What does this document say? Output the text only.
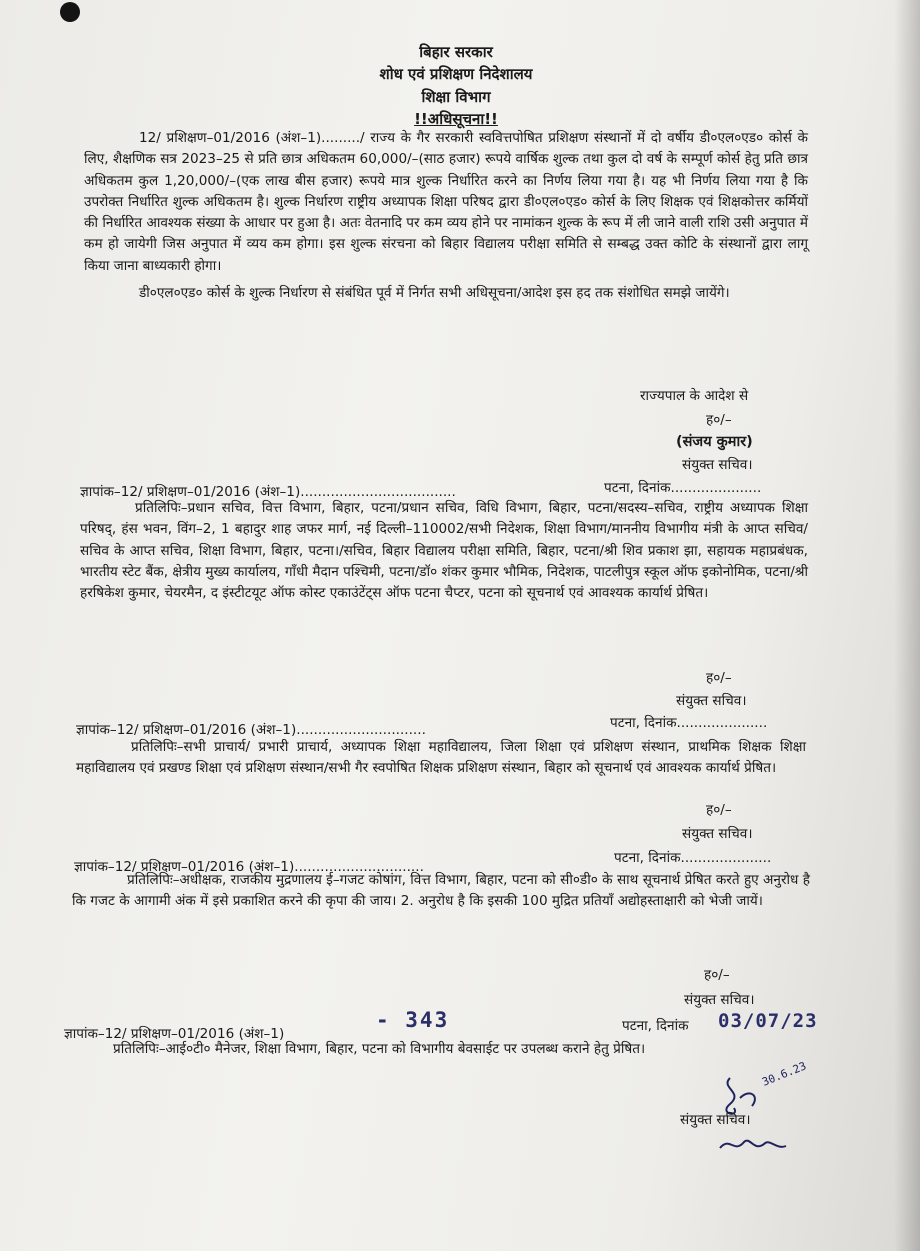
बिहार सरकार
शोध एवं प्रशिक्षण निदेशालय
शिक्षा विभाग
!!अधिसूचना!!

12/ प्रशिक्षण–01/2016 (अंश–1)........./ राज्य के गैर सरकारी स्ववित्तपोषित प्रशिक्षण संस्थानों में दो वर्षीय डी०एल०एड० कोर्स के लिए, शैक्षणिक सत्र 2023–25 से प्रति छात्र अधिकतम 60,000/–(साठ हजार) रूपये वार्षिक शुल्क तथा कुल दो वर्ष के सम्पूर्ण कोर्स हेतु प्रति छात्र अधिकतम कुल 1,20,000/–(एक लाख बीस हजार) रूपये मात्र शुल्क निर्धारित करने का निर्णय लिया गया है। यह भी निर्णय लिया गया है कि उपरोक्त निर्धारित शुल्क अधिकतम है। शुल्क निर्धारण राष्ट्रीय अध्यापक शिक्षा परिषद द्वारा डी०एल०एड० कोर्स के लिए शिक्षक एवं शिक्षकोत्तर कर्मियों की निर्धारित आवश्यक संख्या के आधार पर हुआ है। अतः वेतनादि पर कम व्यय होने पर नामांकन शुल्क के रूप में ली जाने वाली राशि उसी अनुपात में कम हो जायेगी जिस अनुपात में व्यय कम होगा। इस शुल्क संरचना को बिहार विद्यालय परीक्षा समिति से सम्बद्ध उक्त कोटि के संस्थानों द्वारा लागू किया जाना बाध्यकारी होगा।

डी०एल०एड० कोर्स के शुल्क निर्धारण से संबंधित पूर्व में निर्गत सभी अधिसूचना/आदेश इस हद तक संशोधित समझे जायेंगे।

राज्यपाल के आदेश से
ह०/–
(संजय कुमार)
संयुक्त सचिव।
ज्ञापांक–12/ प्रशिक्षण–01/2016 (अंश–1)....................................	पटना, दिनांक.....................

प्रतिलिपिः–प्रधान सचिव, वित्त विभाग, बिहार, पटना/प्रधान सचिव, विधि विभाग, बिहार, पटना/सदस्य–सचिव, राष्ट्रीय अध्यापक शिक्षा परिषद्, हंस भवन, विंग–2, 1 बहादुर शाह जफर मार्ग, नई दिल्ली–110002/सभी निदेशक, शिक्षा विभाग/माननीय विभागीय मंत्री के आप्त सचिव/सचिव के आप्त सचिव, शिक्षा विभाग, बिहार, पटना।/सचिव, बिहार विद्यालय परीक्षा समिति, बिहार, पटना/श्री शिव प्रकाश झा, सहायक महाप्रबंधक, भारतीय स्टेट बैंक, क्षेत्रीय मुख्य कार्यालय, गाँधी मैदान पश्चिमी, पटना/डॉ० शंकर कुमार भौमिक, निदेशक, पाटलीपुत्र स्कूल ऑफ इकोनोमिक, पटना/श्री हरषिकेश कुमार, चेयरमैन, द इंस्टीटयूट ऑफ कोस्ट एकाउंटेंट्स ऑफ पटना चैप्टर, पटना को सूचनार्थ एवं आवश्यक कार्यार्थ प्रेषित।

ह०/–
संयुक्त सचिव।
ज्ञापांक–12/ प्रशिक्षण–01/2016 (अंश–1)..............................	पटना, दिनांक.....................

प्रतिलिपिः–सभी प्राचार्य/ प्रभारी प्राचार्य, अध्यापक शिक्षा महाविद्यालय, जिला शिक्षा एवं प्रशिक्षण संस्थान, प्राथमिक शिक्षक शिक्षा महाविद्यालय एवं प्रखण्ड शिक्षा एवं प्रशिक्षण संस्थान/सभी गैर स्वपोषित शिक्षक प्रशिक्षण संस्थान, बिहार को सूचनार्थ एवं आवश्यक कार्यार्थ प्रेषित।

ह०/–
संयुक्त सचिव।
ज्ञापांक–12/ प्रशिक्षण–01/2016 (अंश–1)..............................
पटना, दिनांक.....................

प्रतिलिपिः–अधीक्षक, राजकीय मुद्रणालय ई–गजट कोषांग, वित्त विभाग, बिहार, पटना को सी०डी० के साथ सूचनार्थ प्रेषित करते हुए अनुरोध है कि गजट के आगामी अंक में इसे प्रकाशित करने की कृपा की जाय। 2. अनुरोध है कि इसकी 100 मुद्रित प्रतियाँ अद्योहस्ताक्षारी को भेजी जायें।

ह०/–
संयुक्त सचिव।
ज्ञापांक–12/ प्रशिक्षण–01/2016 (अंश–1)
- 343	पटना, दिनांक 03/07/23

प्रतिलिपिः–आई०टी० मैनेजर, शिक्षा विभाग, बिहार, पटना को विभागीय बेवसाईट पर उपलब्ध कराने हेतु प्रेषित।

30.6.23
संयुक्त सचिव।
